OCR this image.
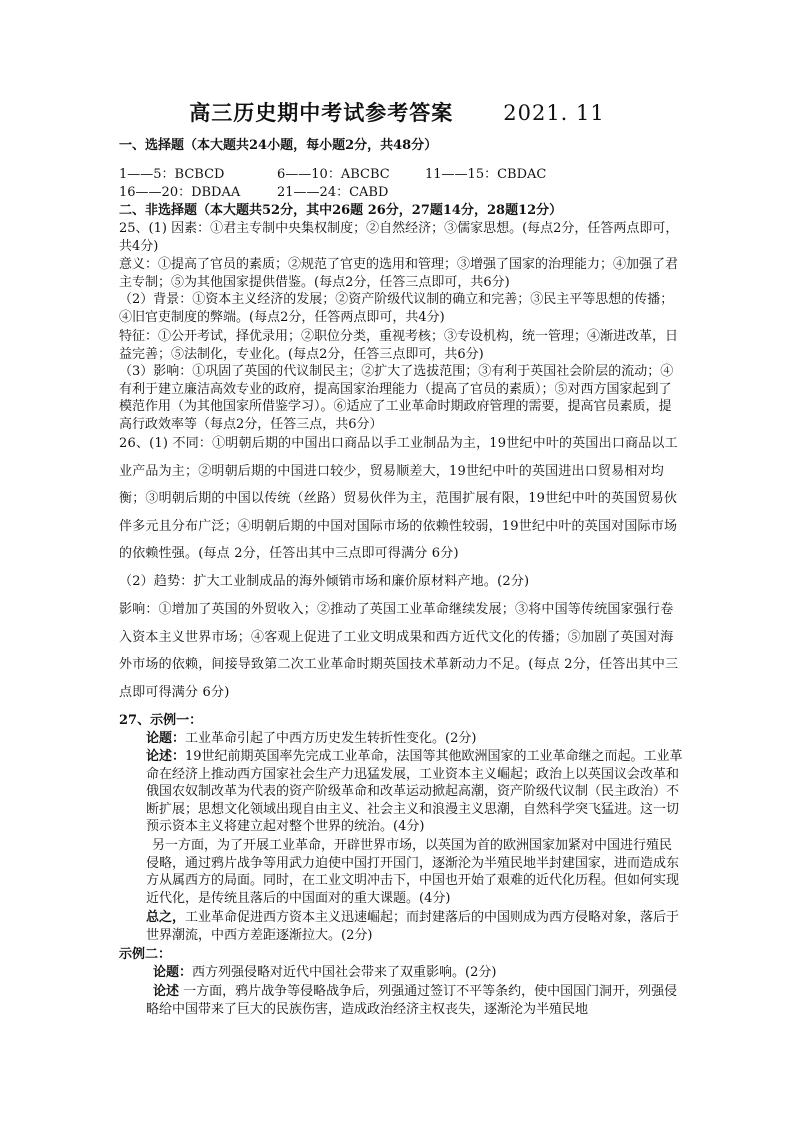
高三历史期中考试参考答案 2021. 11
一、选择题（本大题共24小题，每小题2分，共48分）
1——5：BCBCD	6——10：ABCBC	11——15：CBDAC
16——20：DBDAA	21——24：CABD
二、非选择题（本大题共52分，其中26题 26分，27题14分，28题12分）
25、(1) 因素：①君主专制中央集权制度；②自然经济；③儒家思想。(每点2分，任答两点即可，共4分)
意义：①提高了官员的素质；②规范了官吏的选用和管理；③增强了国家的治理能力；④加强了君主专制；⑤为其他国家提供借鉴。(每点2分，任答三点即可，共6分)
（2）背景：①资本主义经济的发展；②资产阶级代议制的确立和完善；③民主平等思想的传播；④旧官吏制度的弊端。(每点2分，任答两点即可，共4分)
特征：①公开考试，择优录用；②职位分类，重视考核；③专设机构，统一管理；④渐进改革，日益完善；⑤法制化，专业化。(每点2分，任答三点即可，共6分)
（3）影响：①巩固了英国的代议制民主；②扩大了选拔范围；③有利于英国社会阶层的流动；④有利于建立廉洁高效专业的政府，提高国家治理能力（提高了官员的素质）；⑤对西方国家起到了模范作用（为其他国家所借鉴学习）。⑥适应了工业革命时期政府管理的需要，提高官员素质，提高行政效率等（每点2分，任答三点，共6分）
26、(1) 不同：①明朝后期的中国出口商品以手工业制品为主，19世纪中叶的英国出口商品以工业产品为主；②明朝后期的中国进口较少，贸易顺差大，19世纪中叶的英国进出口贸易相对均衡；③明朝后期的中国以传统（丝路）贸易伙伴为主，范围扩展有限，19世纪中叶的英国贸易伙伴多元且分布广泛；④明朝后期的中国对国际市场的依赖性较弱，19世纪中叶的英国对国际市场的依赖性强。(每点 2分，任答出其中三点即可得满分 6分)
（2）趋势：扩大工业制成品的海外倾销市场和廉价原材料产地。(2分)
影响：①增加了英国的外贸收入；②推动了英国工业革命继续发展；③将中国等传统国家强行卷入资本主义世界市场；④客观上促进了工业文明成果和西方近代文化的传播；⑤加剧了英国对海外市场的依赖，间接导致第二次工业革命时期英国技术革新动力不足。(每点 2分，任答出其中三点即可得满分 6分)
27、示例一：
论题：工业革命引起了中西方历史发生转折性变化。(2分)
论述：19世纪前期英国率先完成工业革命，法国等其他欧洲国家的工业革命继之而起。工业革命在经济上推动西方国家社会生产力迅猛发展，工业资本主义崛起；政治上以英国议会改革和俄国农奴制改革为代表的资产阶级革命和改革运动掀起高潮，资产阶级代议制（民主政治）不断扩展；思想文化领域出现自由主义、社会主义和浪漫主义思潮，自然科学突飞猛进。这一切预示资本主义将建立起对整个世界的统治。(4分)
另一方面，为了开展工业革命，开辟世界市场，以英国为首的欧洲国家加紧对中国进行殖民侵略，通过鸦片战争等用武力迫使中国打开国门，逐渐沦为半殖民地半封建国家，进而造成东方从属西方的局面。同时，在工业文明冲击下，中国也开始了艰难的近代化历程。但如何实现近代化，是传统且落后的中国面对的重大课题。(4分)
总之，工业革命促进西方资本主义迅速崛起；而封建落后的中国则成为西方侵略对象，落后于世界潮流，中西方差距逐渐拉大。(2分)
示例二：
论题：西方列强侵略对近代中国社会带来了双重影响。(2分)
论述 一方面，鸦片战争等侵略战争后，列强通过签订不平等条约，使中国国门洞开，列强侵略给中国带来了巨大的民族伤害，造成政治经济主权丧失，逐渐沦为半殖民地
